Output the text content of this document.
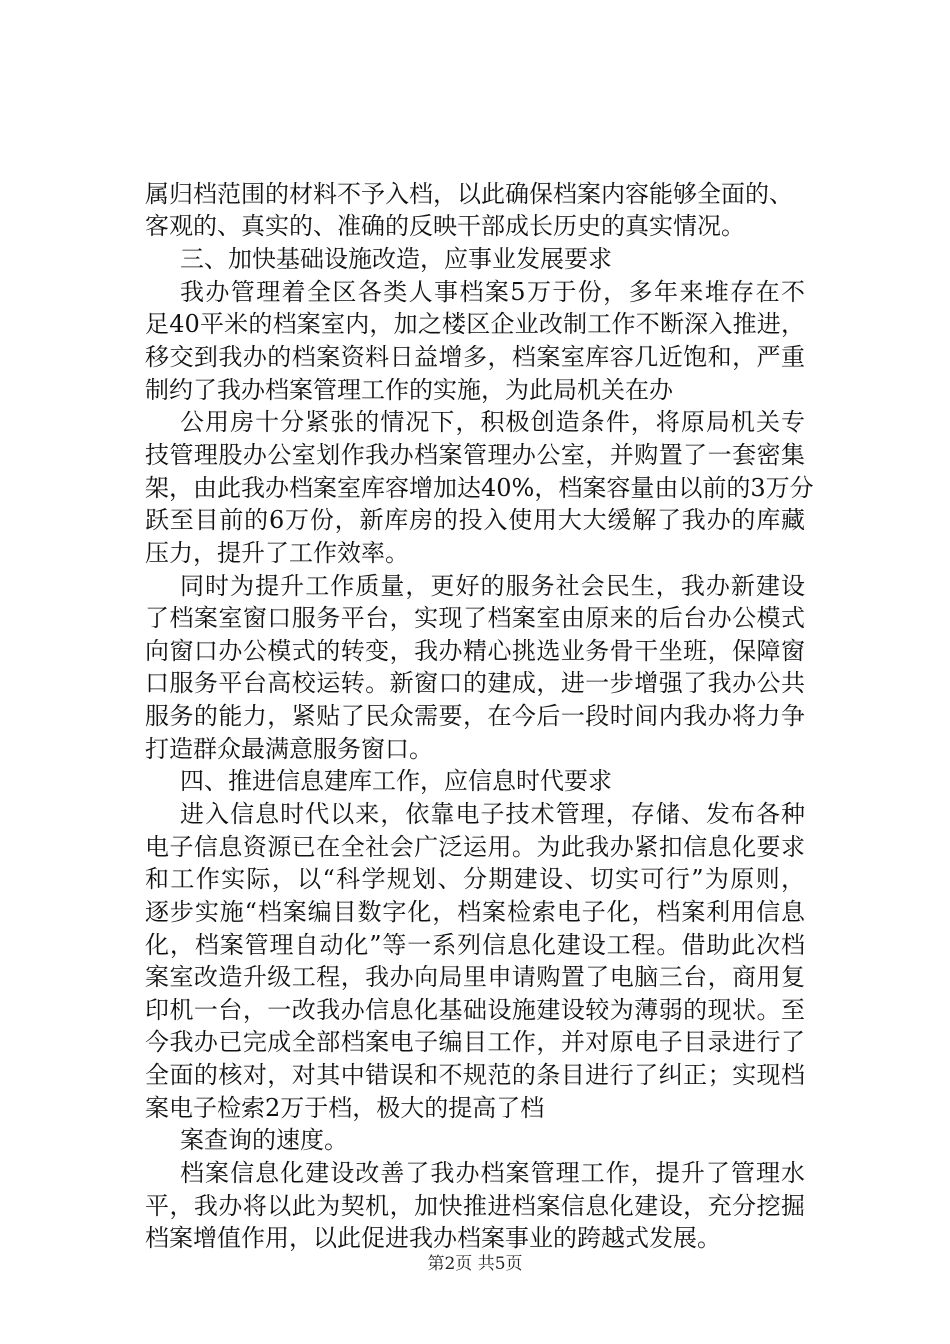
属归档范围的材料不予入档，以此确保档案内容能够全面的、
客观的、真实的、准确的反映干部成长历史的真实情况。
三、加快基础设施改造，应事业发展要求
我办管理着全区各类人事档案5万于份，多年来堆存在不
足40平米的档案室内，加之楼区企业改制工作不断深入推进，
移交到我办的档案资料日益增多，档案室库容几近饱和，严重
制约了我办档案管理工作的实施，为此局机关在办
公用房十分紧张的情况下，积极创造条件，将原局机关专
技管理股办公室划作我办档案管理办公室，并购置了一套密集
架，由此我办档案室库容增加达40%，档案容量由以前的3万分
跃至目前的6万份，新库房的投入使用大大缓解了我办的库藏
压力，提升了工作效率。
同时为提升工作质量，更好的服务社会民生，我办新建设
了档案室窗口服务平台，实现了档案室由原来的后台办公模式
向窗口办公模式的转变，我办精心挑选业务骨干坐班，保障窗
口服务平台高校运转。新窗口的建成，进一步增强了我办公共
服务的能力，紧贴了民众需要，在今后一段时间内我办将力争
打造群众最满意服务窗口。
四、推进信息建库工作，应信息时代要求
进入信息时代以来，依靠电子技术管理，存储、发布各种
电子信息资源已在全社会广泛运用。为此我办紧扣信息化要求
和工作实际，以“科学规划、分期建设、切实可行”为原则，
逐步实施“档案编目数字化，档案检索电子化，档案利用信息
化，档案管理自动化”等一系列信息化建设工程。借助此次档
案室改造升级工程，我办向局里申请购置了电脑三台，商用复
印机一台，一改我办信息化基础设施建设较为薄弱的现状。至
今我办已完成全部档案电子编目工作，并对原电子目录进行了
全面的核对，对其中错误和不规范的条目进行了纠正；实现档
案电子检索2万于档，极大的提高了档
案查询的速度。
档案信息化建设改善了我办档案管理工作，提升了管理水
平，我办将以此为契机，加快推进档案信息化建设，充分挖掘
档案增值作用，以此促进我办档案事业的跨越式发展。
第2页 共5页
